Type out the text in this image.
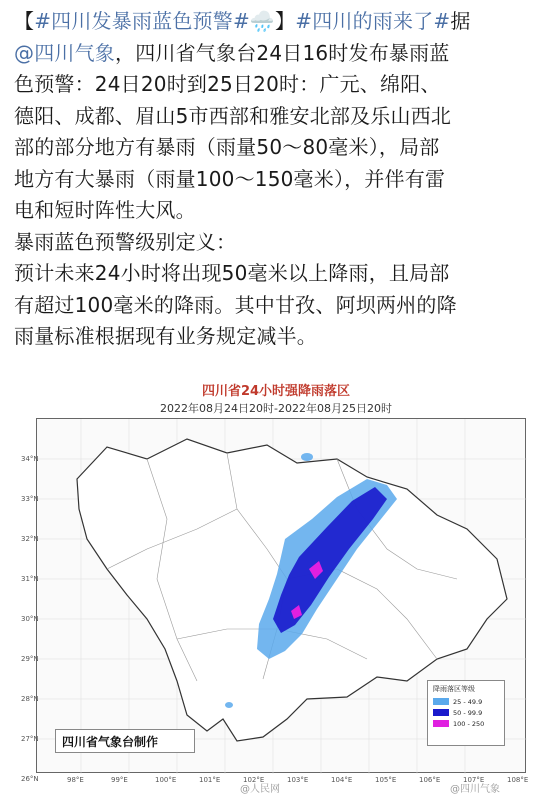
【#四川发暴雨蓝色预警#🌧️】#四川的雨来了#据

@四川气象，四川省气象台24日16时发布暴雨蓝

色预警：24日20时到25日20时：广元、绵阳、

德阳、成都、眉山5市西部和雅安北部及乐山西北

部的部分地方有暴雨（雨量50～80毫米），局部

地方有大暴雨（雨量100～150毫米），并伴有雷

电和短时阵性大风。

暴雨蓝色预警级别定义：

预计未来24小时将出现50毫米以上降雨，且局部

有超过100毫米的降雨。其中甘孜、阿坝两州的降

雨量标准根据现有业务规定减半。

四川省24小时强降雨落区
2022年08月24日20时-2022年08月25日20时
34°N
33°N
32°N
31°N
30°N
29°N
28°N
27°N
26°N	98°E	99°E	100°E	101°E	102°E	103°E	104°E	105°E	106°E	107°E	108°E
降雨落区等级
25 - 49.9
50 - 99.9
100 - 250
四川省气象台制作
@人民网	@四川气象
